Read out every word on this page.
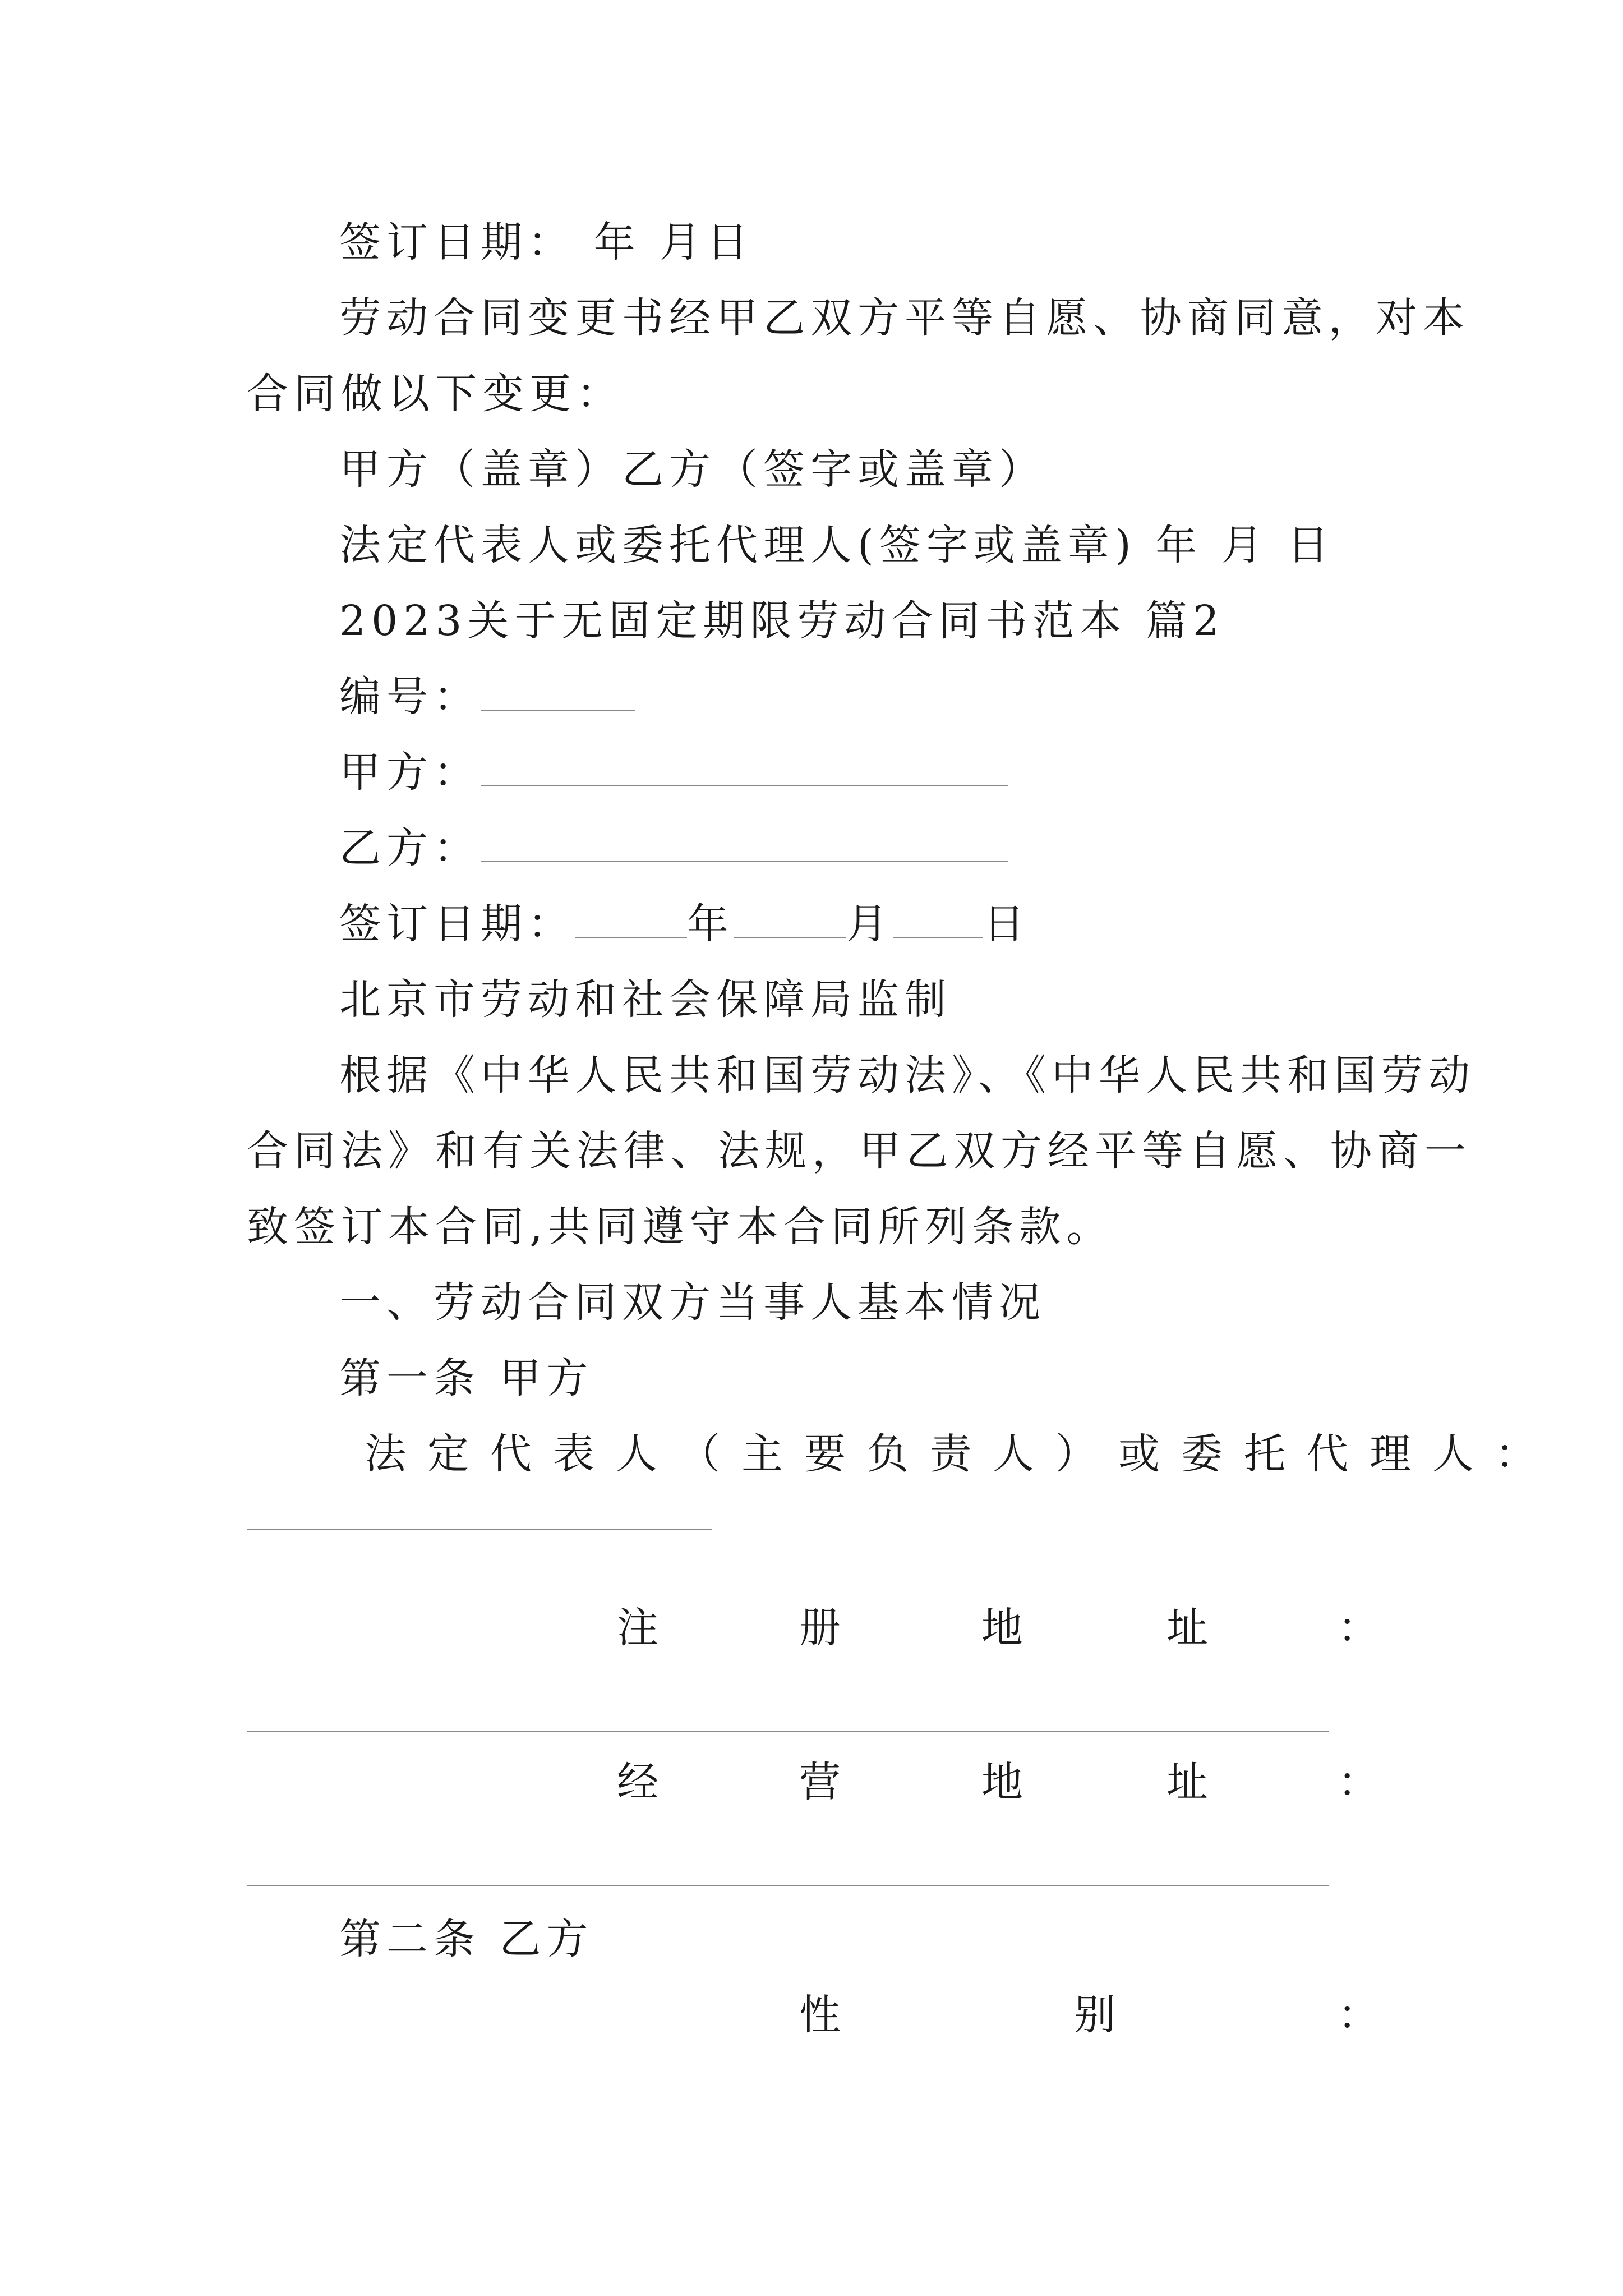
签订日期： 年 月日
劳动合同变更书经甲乙双方平等自愿、协商同意，对本
合同做以下变更：
甲方（盖章）乙方（签字或盖章）
法定代表人或委托代理人(签字或盖章) 年 月 日
2023关于无固定期限劳动合同书范本 篇2
编号：
甲方：
乙方：
签订日期：	年	月 日
北京市劳动和社会保障局监制
根据《中华人民共和国劳动法》、《中华人民共和国劳动
合同法》和有关法律、法规，甲乙双方经平等自愿、协商一
致签订本合同,共同遵守本合同所列条款。
一、劳动合同双方当事人基本情况
第一条 甲方
法定代表人（主要负责人）或委托代理人：
注	册	地	址	：
经	营	地	址	：
第二条 乙方
性	别	：
